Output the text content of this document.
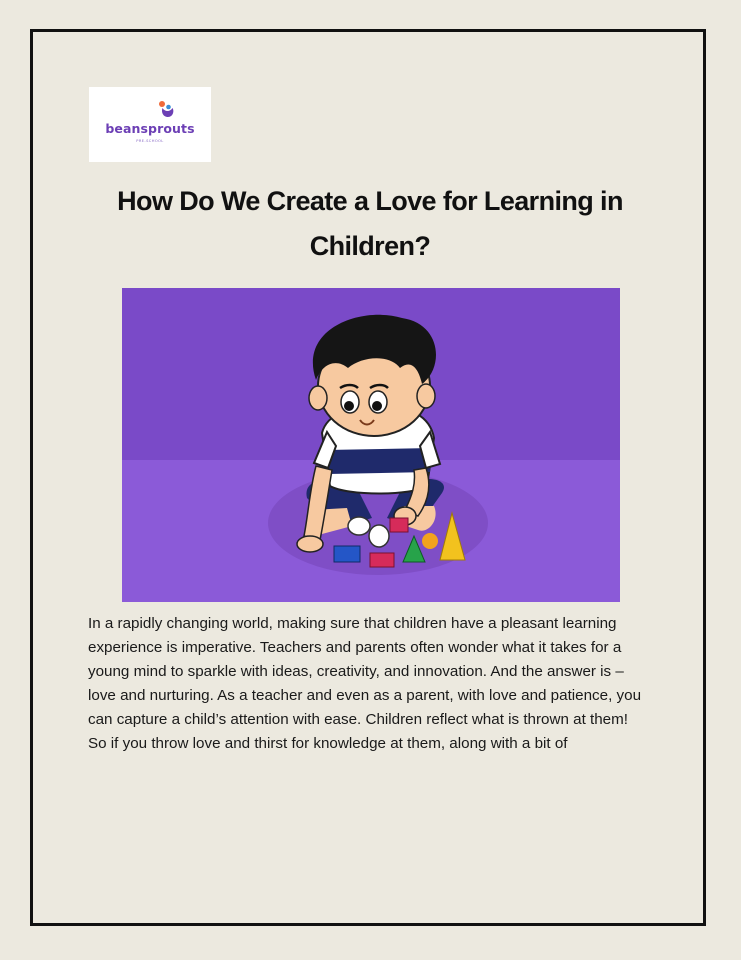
beansprouts
PRE-SCHOOL
How Do We Create a Love for Learning in
Children?
In a rapidly changing world, making sure that children have a pleasant learning
experience is imperative. Teachers and parents often wonder what it takes for a
young mind to sparkle with ideas, creativity, and innovation. And the answer is –
love and nurturing. As a teacher and even as a parent, with love and patience, you
can capture a child’s attention with ease. Children reflect what is thrown at them!
So if you throw love and thirst for knowledge at them, along with a bit of
